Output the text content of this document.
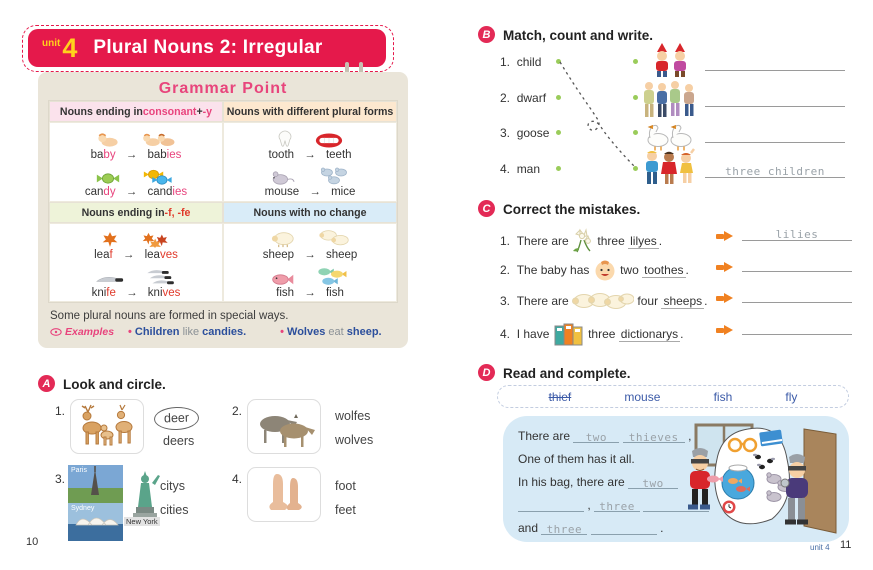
unit 4 Plural Nouns 2: Irregular
Grammar Point
Nouns ending in consonant + -y	Nouns with different plural forms
baby → babies
candy → candies
tooth → teeth
mouse → mice
Nouns ending in -f, -fe	Nouns with no change
leaf → leaves
knife → knives
sheep → sheep
fish → fish
Some plural nouns are formed in special ways.
Examples • Children like candies.	• Wolves eat sheep.
A Look and circle.
1.	deer
deers
2.	wolfes
wolves
3.
Paris
Sydney
New York
citys
cities
4.	foot
feet
10
B Match, count and write.
1. child
2. dwarf
3. goose
4. man	three children
C Correct the mistakes.
1.
There are

three
lilyes .	lilies
2.
The baby has

	two
toothes .
3.
There are

	four
sheeps .
4.
I have

	three
dictionarys .
D Read and complete.
thief	mouse	fish	fly
There are two thieves ,
One of them has it all.
In his bag, there are two
, three
and three	.
unit 4 11
